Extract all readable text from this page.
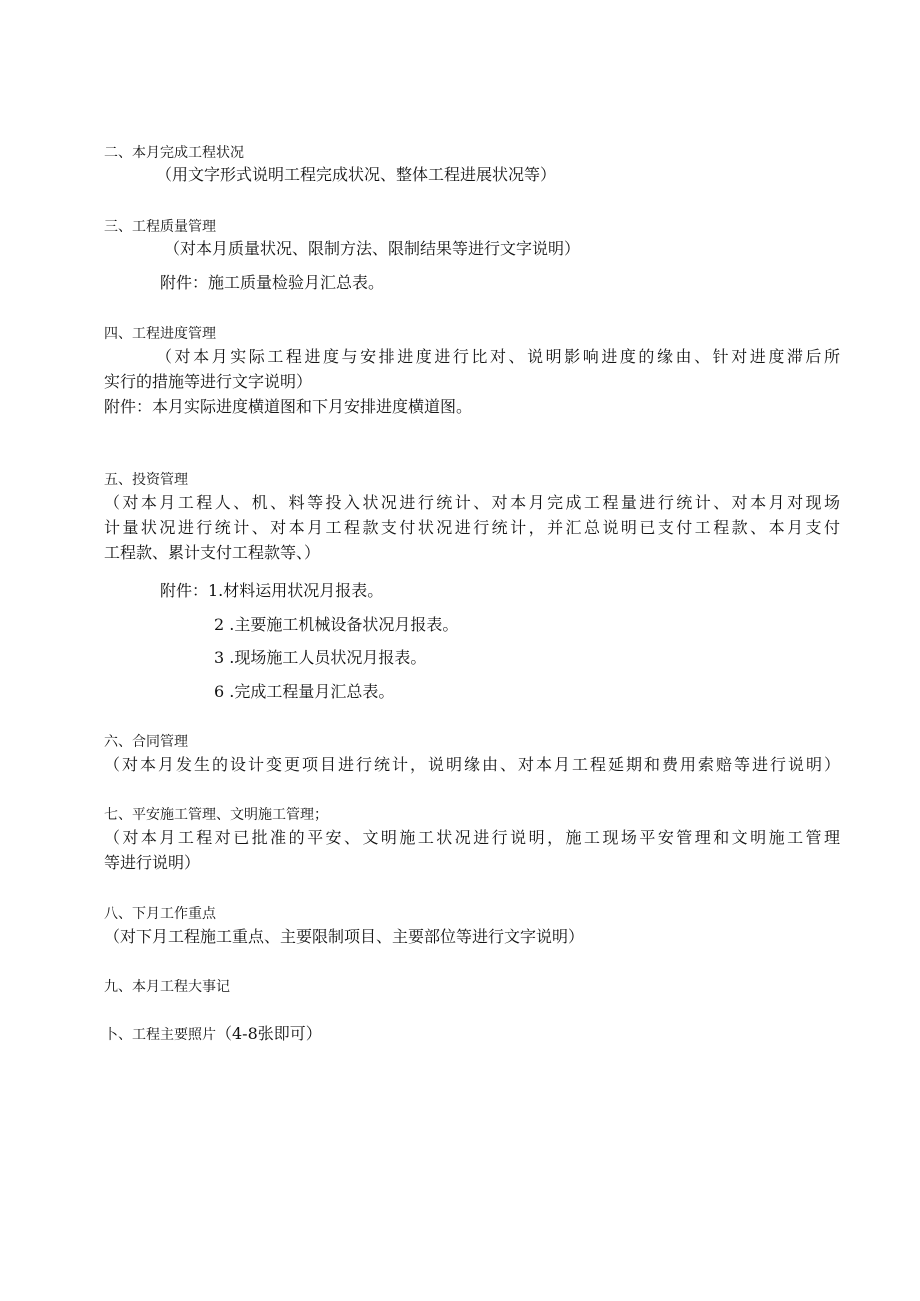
二、本月完成工程状况
（用文字形式说明工程完成状况、整体工程进展状况等）
三、工程质量管理
（对本月质量状况、限制方法、限制结果等进行文字说明）
附件：施工质量检验月汇总表。
四、工程进度管理
（对本月实际工程进度与安排进度进行比对、说明影响进度的缘由、针对进度滞后所
实行的措施等进行文字说明）
附件：本月实际进度横道图和下月安排进度横道图。
五、投资管理
（对本月工程人、机、料等投入状况进行统计、对本月完成工程量进行统计、对本月对现场
计量状况进行统计、对本月工程款支付状况进行统计，并汇总说明已支付工程款、本月支付
工程款、累计支付工程款等、）
附件：1.材料运用状况月报表。
2 .主要施工机械设备状况月报表。
3 .现场施工人员状况月报表。
6 .完成工程量月汇总表。
六、合同管理
（对本月发生的设计变更项目进行统计，说明缘由、对本月工程延期和费用索赔等进行说明）
七、平安施工管理、文明施工管理；
（对本月工程对已批准的平安、文明施工状况进行说明，施工现场平安管理和文明施工管理
等进行说明）
八、下月工作重点
（对下月工程施工重点、主要限制项目、主要部位等进行文字说明）
九、本月工程大事记
卜、工程主要照片（4-8张即可）
